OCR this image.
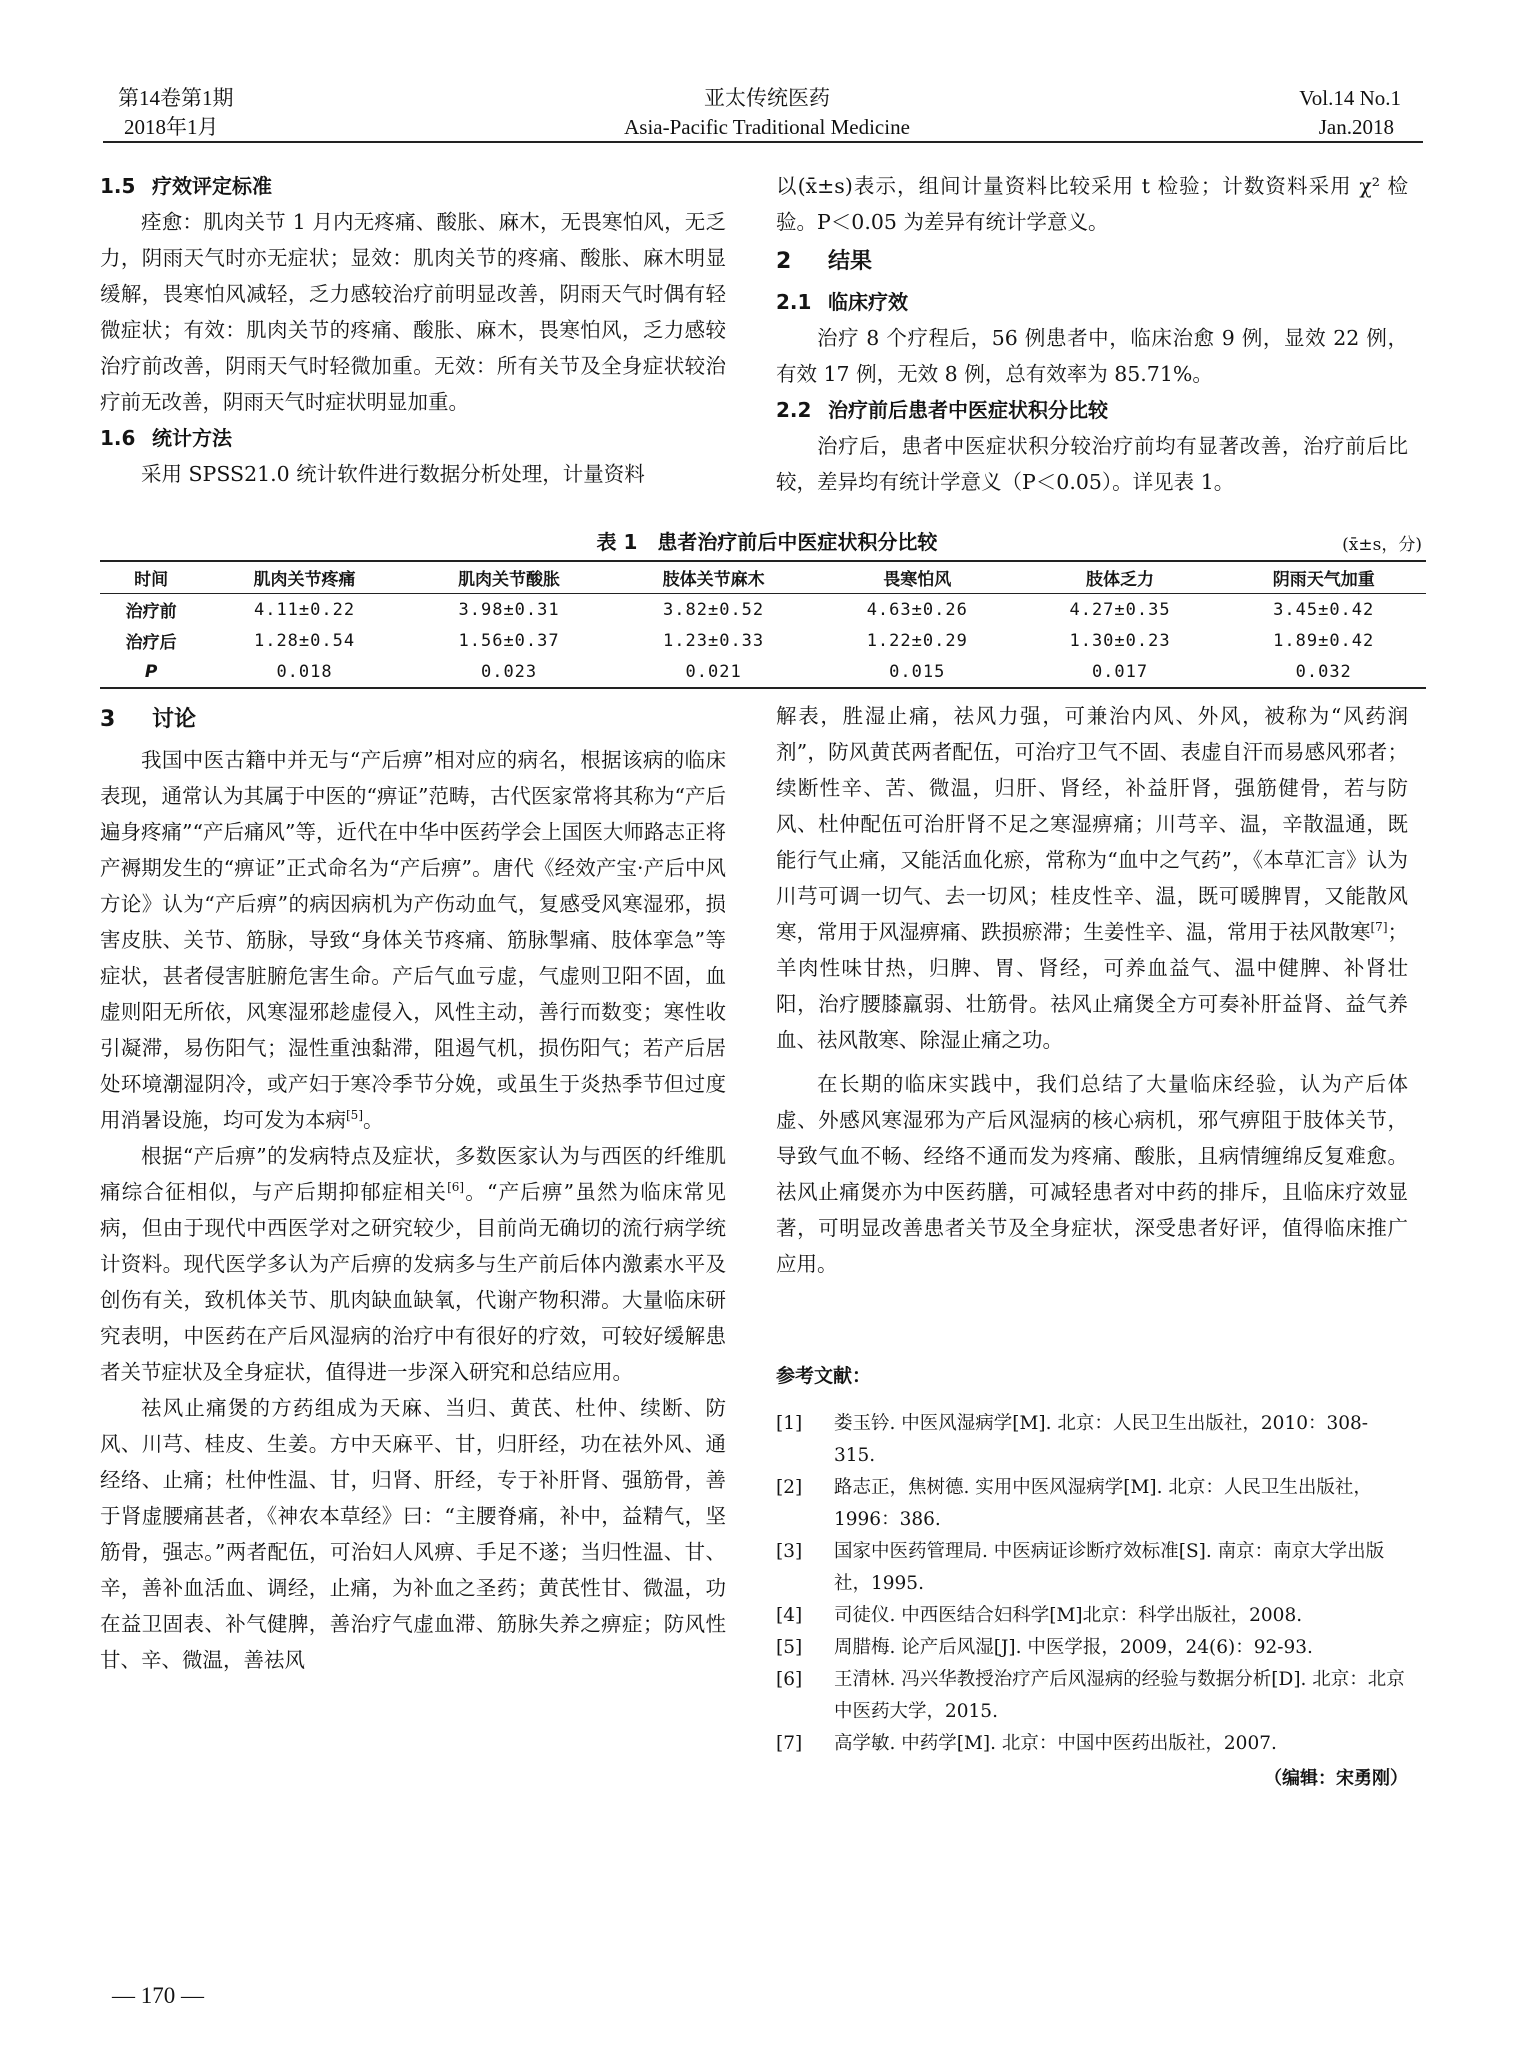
第14卷第1期
2018年1月
亚太传统医药
Asia-Pacific Traditional Medicine
Vol.14 No.1
Jan.2018

1.5 疗效评定标准

痊愈：肌肉关节 1 月内无疼痛、酸胀、麻木，无畏寒怕风，无乏力，阴雨天气时亦无症状；显效：肌肉关节的疼痛、酸胀、麻木明显缓解，畏寒怕风减轻，乏力感较治疗前明显改善，阴雨天气时偶有轻微症状；有效：肌肉关节的疼痛、酸胀、麻木，畏寒怕风，乏力感较治疗前改善，阴雨天气时轻微加重。无效：所有关节及全身症状较治疗前无改善，阴雨天气时症状明显加重。

1.6 统计方法

采用 SPSS21.0 统计软件进行数据分析处理，计量资料

以(x̄±s)表示，组间计量资料比较采用 t 检验；计数资料采用 χ² 检验。P＜0.05 为差异有统计学意义。

2 结果

2.1 临床疗效

治疗 8 个疗程后，56 例患者中，临床治愈 9 例，显效 22 例，有效 17 例，无效 8 例，总有效率为 85.71%。

2.2 治疗前后患者中医症状积分比较

治疗后，患者中医症状积分较治疗前均有显著改善，治疗前后比较，差异均有统计学意义（P＜0.05）。详见表 1。

表 1　患者治疗前后中医症状积分比较	(x̄±s，分)
时间	肌肉关节疼痛	肌肉关节酸胀	肢体关节麻木	畏寒怕风	肢体乏力	阴雨天气加重
治疗前	4.11±0.22	3.98±0.31	3.82±0.52	4.63±0.26	4.27±0.35	3.45±0.42
治疗后	1.28±0.54	1.56±0.37	1.23±0.33	1.22±0.29	1.30±0.23	1.89±0.42
P	0.018	0.023	0.021	0.015	0.017	0.032

3 讨论

我国中医古籍中并无与“产后痹”相对应的病名，根据该病的临床表现，通常认为其属于中医的“痹证”范畴，古代医家常将其称为“产后遍身疼痛”“产后痛风”等，近代在中华中医药学会上国医大师路志正将产褥期发生的“痹证”正式命名为“产后痹”。唐代《经效产宝·产后中风方论》认为“产后痹”的病因病机为产伤动血气，复感受风寒湿邪，损害皮肤、关节、筋脉，导致“身体关节疼痛、筋脉掣痛、肢体挛急”等症状，甚者侵害脏腑危害生命。产后气血亏虚，气虚则卫阳不固，血虚则阳无所依，风寒湿邪趁虚侵入，风性主动，善行而数变；寒性收引凝滞，易伤阳气；湿性重浊黏滞，阻遏气机，损伤阳气；若产后居处环境潮湿阴冷，或产妇于寒冷季节分娩，或虽生于炎热季节但过度用消暑设施，均可发为本病[5]。

根据“产后痹”的发病特点及症状，多数医家认为与西医的纤维肌痛综合征相似，与产后期抑郁症相关[6]。“产后痹”虽然为临床常见病，但由于现代中西医学对之研究较少，目前尚无确切的流行病学统计资料。现代医学多认为产后痹的发病多与生产前后体内激素水平及创伤有关，致机体关节、肌肉缺血缺氧，代谢产物积滞。大量临床研究表明，中医药在产后风湿病的治疗中有很好的疗效，可较好缓解患者关节症状及全身症状，值得进一步深入研究和总结应用。

祛风止痛煲的方药组成为天麻、当归、黄芪、杜仲、续断、防风、川芎、桂皮、生姜。方中天麻平、甘，归肝经，功在祛外风、通经络、止痛；杜仲性温、甘，归肾、肝经，专于补肝肾、强筋骨，善于肾虚腰痛甚者，《神农本草经》曰：“主腰脊痛，补中，益精气，坚筋骨，强志。”两者配伍，可治妇人风痹、手足不遂；当归性温、甘、辛，善补血活血、调经，止痛，为补血之圣药；黄芪性甘、微温，功在益卫固表、补气健脾，善治疗气虚血滞、筋脉失养之痹症；防风性甘、辛、微温，善祛风

解表，胜湿止痛，祛风力强，可兼治内风、外风，被称为“风药润剂”，防风黄芪两者配伍，可治疗卫气不固、表虚自汗而易感风邪者；续断性辛、苦、微温，归肝、肾经，补益肝肾，强筋健骨，若与防风、杜仲配伍可治肝肾不足之寒湿痹痛；川芎辛、温，辛散温通，既能行气止痛，又能活血化瘀，常称为“血中之气药”，《本草汇言》认为川芎可调一切气、去一切风；桂皮性辛、温，既可暖脾胃，又能散风寒，常用于风湿痹痛、跌损瘀滞；生姜性辛、温，常用于祛风散寒[7]；羊肉性味甘热，归脾、胃、肾经，可养血益气、温中健脾、补肾壮阳，治疗腰膝羸弱、壮筋骨。祛风止痛煲全方可奏补肝益肾、益气养血、祛风散寒、除湿止痛之功。

在长期的临床实践中，我们总结了大量临床经验，认为产后体虚、外感风寒湿邪为产后风湿病的核心病机，邪气痹阻于肢体关节，导致气血不畅、经络不通而发为疼痛、酸胀，且病情缠绵反复难愈。祛风止痛煲亦为中医药膳，可减轻患者对中药的排斥，且临床疗效显著，可明显改善患者关节及全身症状，深受患者好评，值得临床推广应用。

参考文献：
[1] 娄玉钤. 中医风湿病学[M]. 北京：人民卫生出版社，2010：308-315.
[2] 路志正，焦树德. 实用中医风湿病学[M]. 北京：人民卫生出版社，1996：386.
[3] 国家中医药管理局. 中医病证诊断疗效标准[S]. 南京：南京大学出版社，1995.
[4] 司徒仪. 中西医结合妇科学[M]北京：科学出版社，2008.
[5] 周腊梅. 论产后风湿[J]. 中医学报，2009，24(6)：92-93.
[6] 王清林. 冯兴华教授治疗产后风湿病的经验与数据分析[D]. 北京：北京中医药大学，2015.
[7] 高学敏. 中药学[M]. 北京：中国中医药出版社，2007.
（编辑：宋勇刚）
— 170 —
